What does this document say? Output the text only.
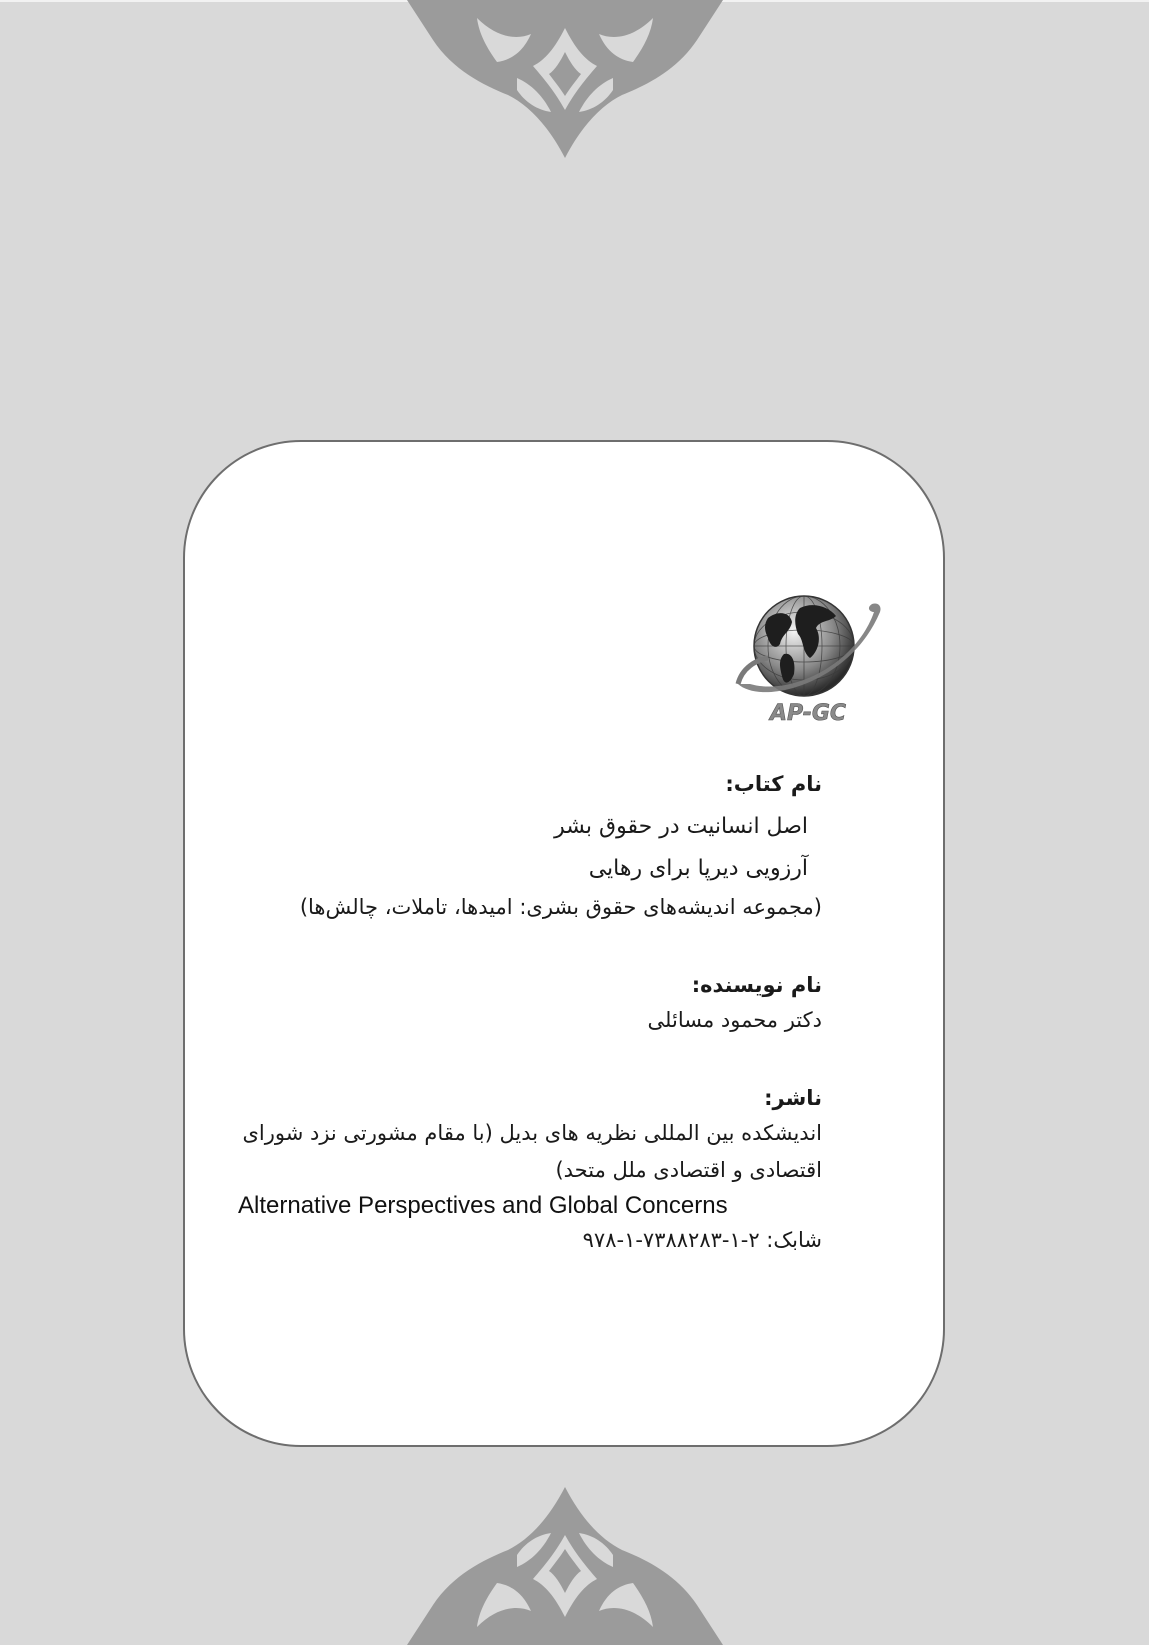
AP-GC
نام کتاب:
اصل انسانیت در حقوق بشر
آرزویی دیرپا برای رهایی
(مجموعه اندیشه‌های حقوق بشری: امیدها، تاملات، چالش‌ها)
نام نویسنده:
دکتر محمود مسائلی
ناشر:
اندیشکده بین المللی نظریه های بدیل (با مقام مشورتی نزد شورای
اقتصادی و اقتصادی ملل متحد)
Alternative Perspectives and Global Concerns
شابک: ۲-۱-۷۳۸۸۲۸۳-۱-۹۷۸
